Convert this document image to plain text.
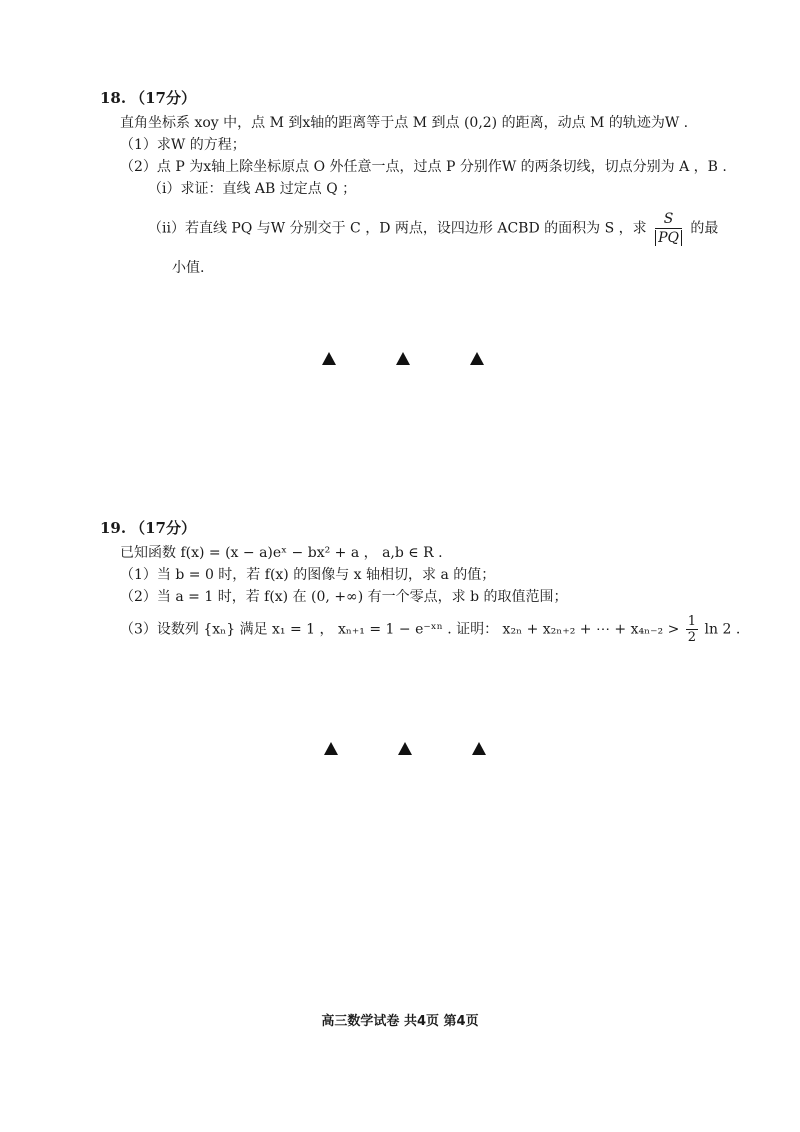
18. （17分）
直角坐标系 xoy 中，点 M 到x轴的距离等于点 M 到点 (0,2) 的距离，动点 M 的轨迹为W .
（1）求W 的方程；
（2）点 P 为x轴上除坐标原点 O 外任意一点，过点 P 分别作W 的两条切线，切点分别为 A ，B .
（i）求证：直线 AB 过定点 Q ；
（ii）若直线 PQ 与W 分别交于 C ，D 两点，设四边形 ACBD 的面积为 S ，求 $\frac{S}{PQ}$ 的最
小值.
19. （17分）
已知函数 f(x) = (x − a)eˣ − bx² + a ， a,b ∈ R .
（1）当 b = 0 时，若 f(x) 的图像与 x 轴相切，求 a 的值；
（2）当 a = 1 时，若 f(x) 在 (0, +∞) 有一个零点，求 b 的取值范围；
（3）设数列 {xₙ} 满足 x₁ = 1 ， xₙ₊₁ = 1 − e⁻ˣⁿ . 证明： x₂ₙ + x₂ₙ₊₂ + ⋯ + $x_{4n-2} > \frac{1}{2}$ ln 2 .
高三数学试卷 共4页 第4页
